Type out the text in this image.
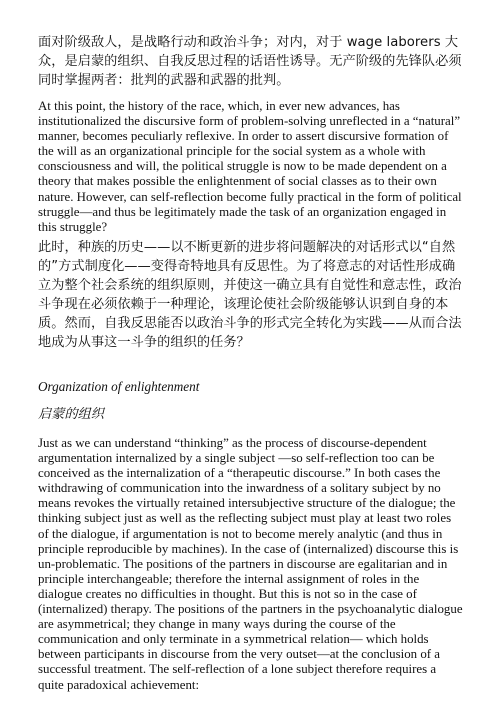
面对阶级敌人，是战略行动和政治斗争；对内，对于 wage laborers 大众，是启蒙的组织、自我反思过程的话语性诱导。无产阶级的先锋队必须同时掌握两者：批判的武器和武器的批判。

At this point, the history of the race, which, in ever new advances, has institutionalized the discursive form of problem-solving unreflected in a “natural” manner, becomes peculiarly reflexive. In order to assert discursive formation of the will as an organizational principle for the social system as a whole with consciousness and will, the political struggle is now to be made dependent on a theory that makes possible the enlightenment of social classes as to their own nature. However, can self-reflection become fully practical in the form of political struggle—and thus be legitimately made the task of an organization engaged in this struggle?

此时，种族的历史——以不断更新的进步将问题解决的对话形式以“自然的”方式制度化——变得奇特地具有反思性。为了将意志的对话性形成确立为整个社会系统的组织原则，并使这一确立具有自觉性和意志性，政治斗争现在必须依赖于一种理论，该理论使社会阶级能够认识到自身的本质。然而，自我反思能否以政治斗争的形式完全转化为实践——从而合法地成为从事这一斗争的组织的任务？

Organization of enlightenment

启蒙的组织

Just as we can understand “thinking” as the process of discourse-dependent argumentation internalized by a single subject —so self-reflection too can be conceived as the internalization of a “therapeutic discourse.” In both cases the withdrawing of communication into the inwardness of a solitary subject by no means revokes the virtually retained intersubjective structure of the dialogue; the thinking subject just as well as the reflecting subject must play at least two roles of the dialogue, if argumentation is not to become merely analytic (and thus in principle reproducible by machines). In the case of (internalized) discourse this is un-problematic. The positions of the partners in discourse are egalitarian and in principle interchangeable; therefore the internal assignment of roles in the dialogue creates no difficulties in thought. But this is not so in the case of (internalized) therapy. The positions of the partners in the psychoanalytic dialogue are asymmetrical; they change in many ways during the course of the communication and only terminate in a symmetrical relation— which holds between participants in discourse from the very outset—at the conclusion of a successful treatment. The self-reflection of a lone subject therefore requires a quite paradoxical achievement:
